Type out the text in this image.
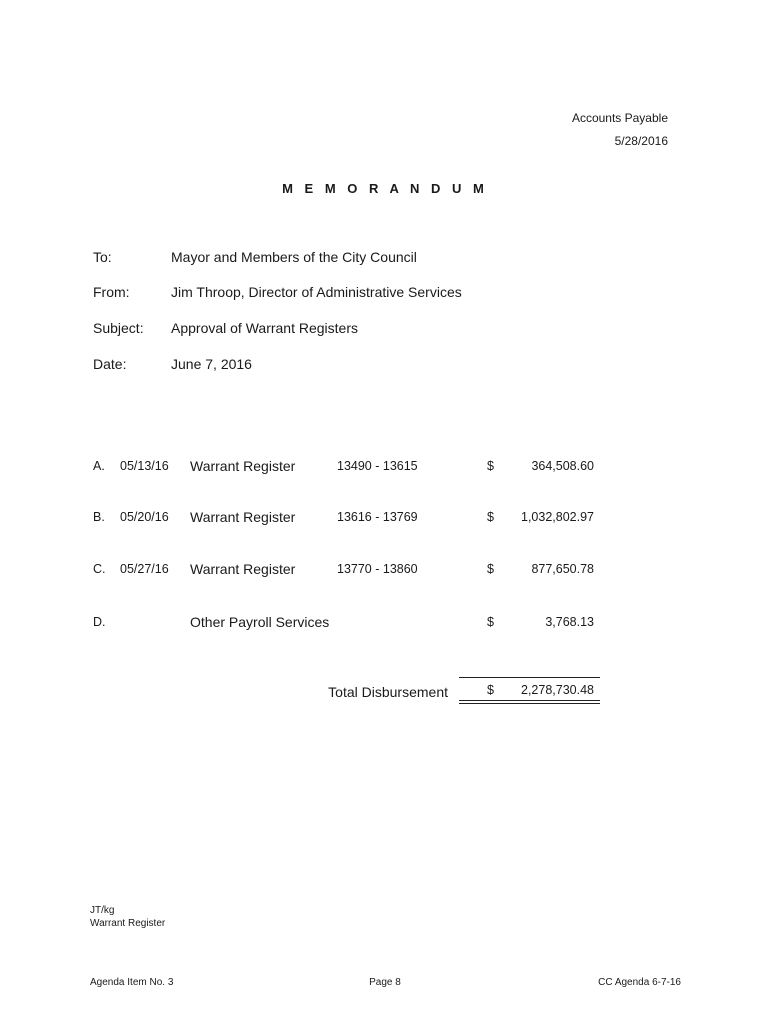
Accounts Payable
5/28/2016
M E M O R A N D U M
To:	Mayor and Members of the City Council
From:	Jim Throop, Director of Administrative Services
Subject: Approval of Warrant Registers
Date:	June 7, 2016
A. 05/13/16 Warrant Register	13490 - 13615	$	364,508.60
B. 05/20/16 Warrant Register	13616 - 13769	$ 1,032,802.97
C. 05/27/16 Warrant Register	13770 - 13860	$	877,650.78
D.	Other Payroll Services	$	3,768.13
Total Disbursement	$ 2,278,730.48
JT/kg
Warrant Register
Agenda Item No. 3	Page 8	CC Agenda 6-7-16
